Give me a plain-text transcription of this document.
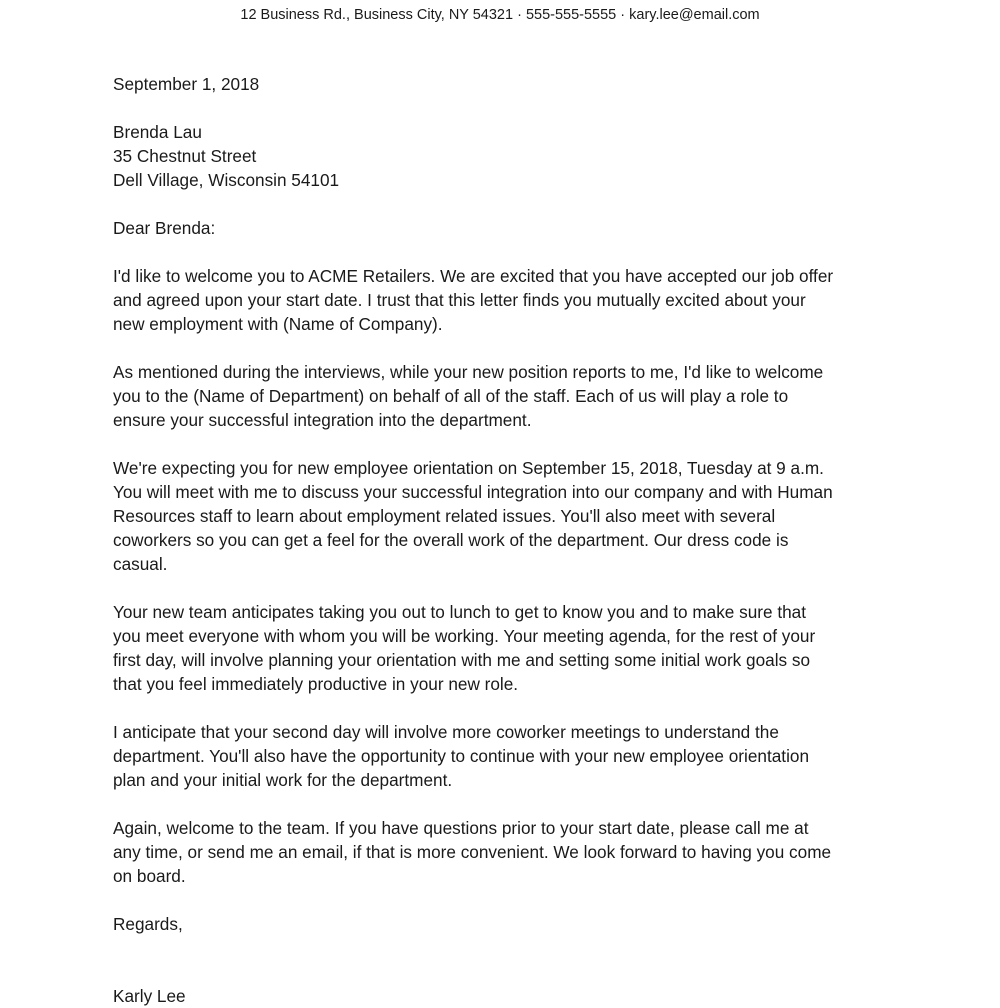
12 Business Rd., Business City, NY 54321 · 555-555-5555 · kary.lee@email.com
September 1, 2018
Brenda Lau
35 Chestnut Street
Dell Village, Wisconsin 54101
Dear Brenda:
I'd like to welcome you to ACME Retailers. We are excited that you have accepted our job offer
and agreed upon your start date. I trust that this letter finds you mutually excited about your
new employment with (Name of Company).
As mentioned during the interviews, while your new position reports to me, I'd like to welcome
you to the (Name of Department) on behalf of all of the staff. Each of us will play a role to
ensure your successful integration into the department.
We're expecting you for new employee orientation on September 15, 2018, Tuesday at 9 a.m.
You will meet with me to discuss your successful integration into our company and with Human
Resources staff to learn about employment related issues. You'll also meet with several
coworkers so you can get a feel for the overall work of the department. Our dress code is
casual.
Your new team anticipates taking you out to lunch to get to know you and to make sure that
you meet everyone with whom you will be working. Your meeting agenda, for the rest of your
first day, will involve planning your orientation with me and setting some initial work goals so
that you feel immediately productive in your new role.
I anticipate that your second day will involve more coworker meetings to understand the
department. You'll also have the opportunity to continue with your new employee orientation
plan and your initial work for the department.
Again, welcome to the team. If you have questions prior to your start date, please call me at
any time, or send me an email, if that is more convenient. We look forward to having you come
on board.
Regards,
Karly Lee
